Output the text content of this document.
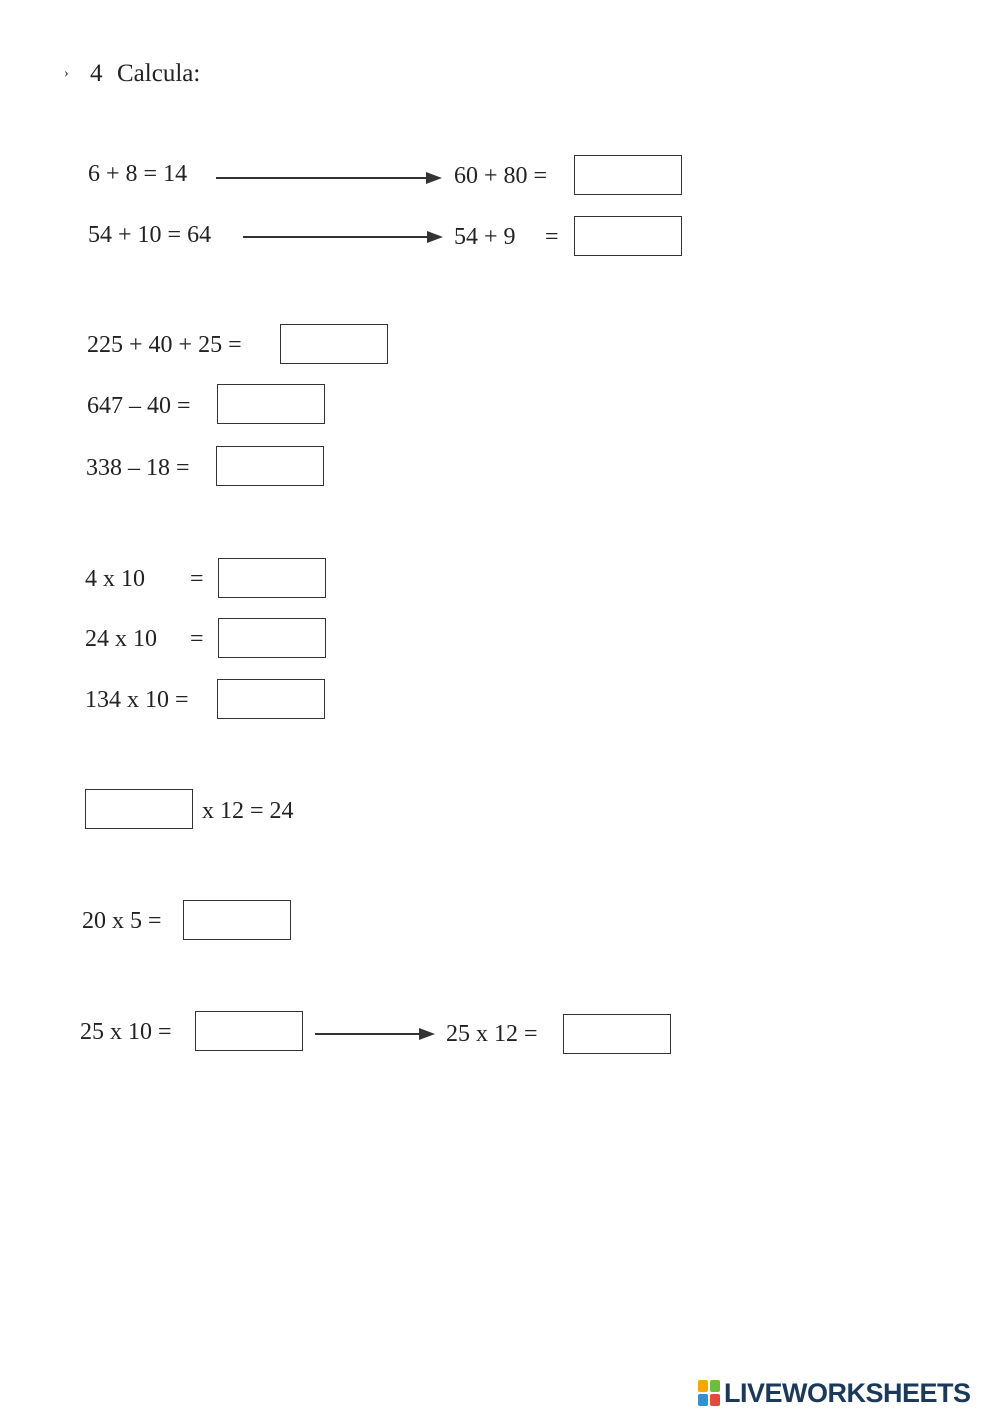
› 4 Calcula:
6 + 8 = 14	60 + 80 =
54 + 10 = 64	54 + 9 =
225 + 40 + 25 =
647 – 40 =
338 – 18 =
4 x 10 =
24 x 10 =
134 x 10 =
x 12 = 24
20 x 5 =
25 x 10 =	25 x 12 =
LIVEWORKSHEETS
